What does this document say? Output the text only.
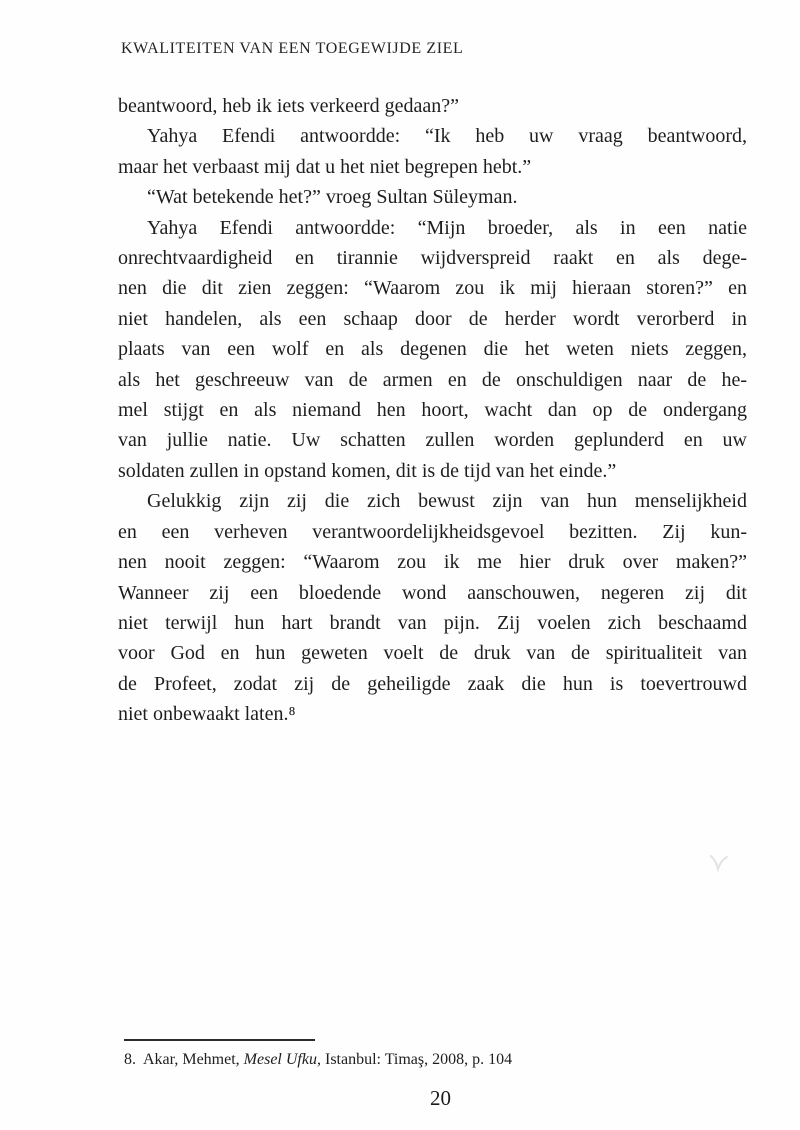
KWALITEITEN VAN EEN TOEGEWIJDE ZIEL
beantwoord, heb ik iets verkeerd gedaan?”
Yahya Efendi antwoordde: “Ik heb uw vraag beantwoord,
maar het verbaast mij dat u het niet begrepen hebt.”
“Wat betekende het?” vroeg Sultan Süleyman.
Yahya Efendi antwoordde: “Mijn broeder, als in een natie
onrechtvaardigheid en tirannie wijdverspreid raakt en als dege-
nen die dit zien zeggen: “Waarom zou ik mij hieraan storen?” en
niet handelen, als een schaap door de herder wordt verorberd in
plaats van een wolf en als degenen die het weten niets zeggen,
als het geschreeuw van de armen en de onschuldigen naar de he-
mel stijgt en als niemand hen hoort, wacht dan op de ondergang
van jullie natie. Uw schatten zullen worden geplunderd en uw
soldaten zullen in opstand komen, dit is de tijd van het einde.”
Gelukkig zijn zij die zich bewust zijn van hun menselijkheid
en een verheven verantwoordelijkheidsgevoel bezitten. Zij kun-
nen nooit zeggen: “Waarom zou ik me hier druk over maken?”
Wanneer zij een bloedende wond aanschouwen, negeren zij dit
niet terwijl hun hart brandt van pijn. Zij voelen zich beschaamd
voor God en hun geweten voelt de druk van de spiritualiteit van
de Profeet, zodat zij de geheiligde zaak die hun is toevertrouwd
niet onbewaakt laten.⁸
8. Akar, Mehmet, Mesel Ufku, Istanbul: Timaş, 2008, p. 104
20
